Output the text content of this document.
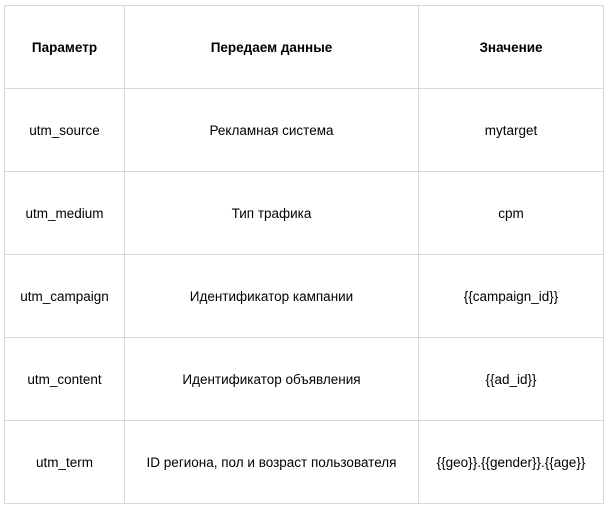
Параметр	Передаем данные	Значение
utm_source	Рекламная система	mytarget
utm_medium	Тип трафика	cpm
utm_campaign	Идентификатор кампании	{{campaign_id}}
utm_content	Идентификатор объявления	{{ad_id}}
utm_term	ID региона, пол и возраст пользователя	{{geo}}.{{gender}}.{{age}}
